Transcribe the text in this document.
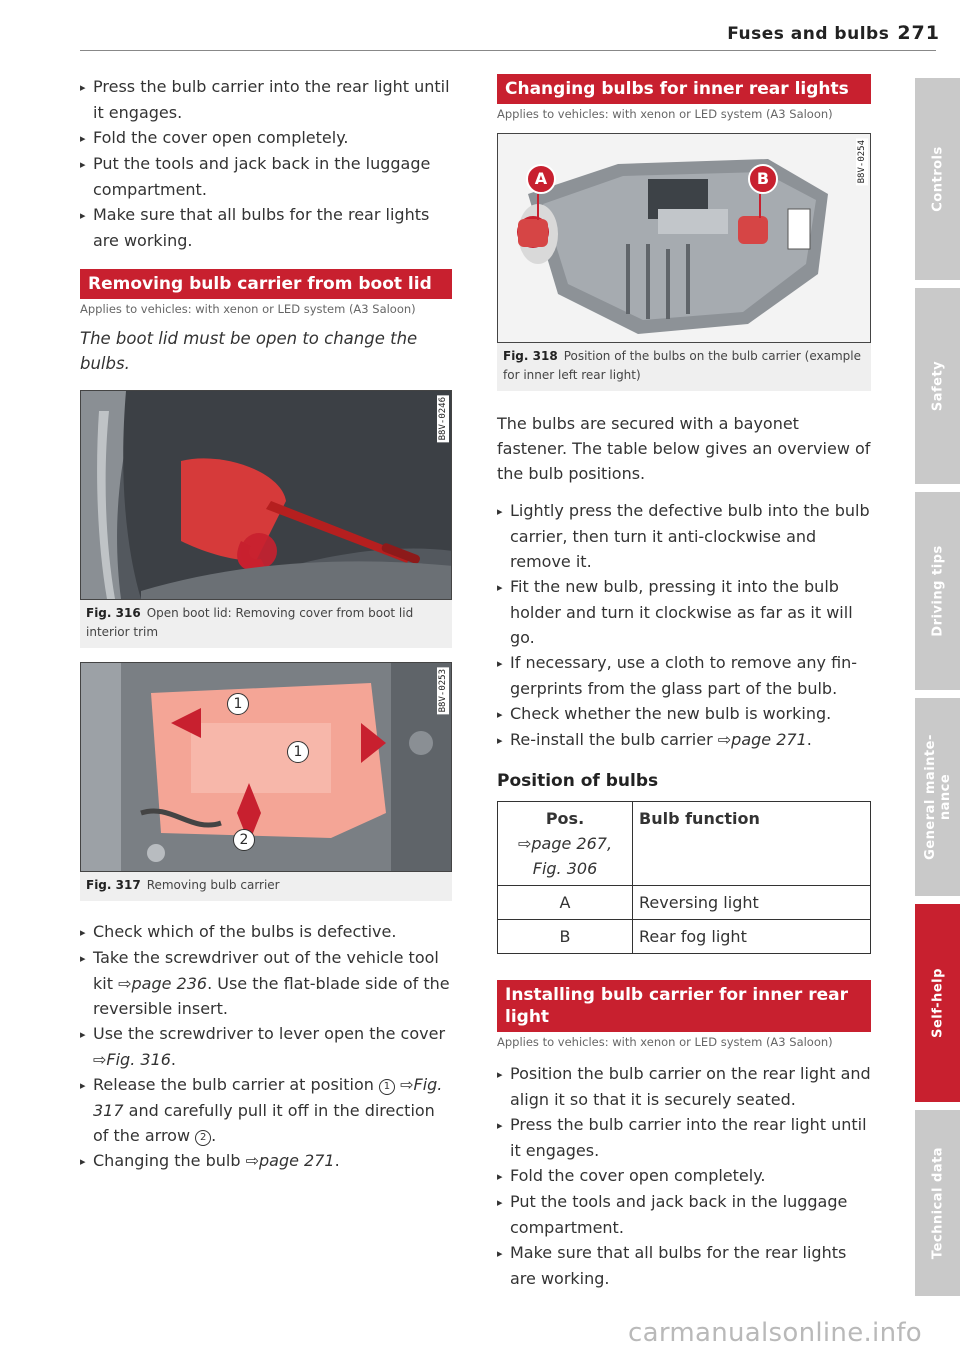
Fuses and bulbs 271

▸ Press the bulb carrier into the rear light until it engages.

▸ Fold the cover open completely.

▸ Put the tools and jack back in the luggage compartment.

▸ Make sure that all bulbs for the rear lights are working.

Removing bulb carrier from boot lid
Applies to vehicles: with xenon or LED system (A3 Saloon)

The boot lid must be open to change the bulbs.

B8V-0246
Fig. 316 Open boot lid: Removing cover from boot lid interior trim
1
1
2
B8V-0253
Fig. 317 Removing bulb carrier

▸ Check which of the bulbs is defective.

▸ Take the screwdriver out of the vehicle tool kit ⇨page 236. Use the flat-blade side of the reversible insert.

▸ Use the screwdriver to lever open the cover ⇨Fig. 316.

▸ Release the bulb carrier at position 1 ⇨Fig. 317 and carefully pull it off in the direction of the arrow 2 .

▸ Changing the bulb ⇨page 271.

Changing bulbs for inner rear lights
Applies to vehicles: with xenon or LED system (A3 Saloon)
A	B	B8V-0254
Fig. 318 Position of the bulbs on the bulb carrier (example for inner left rear light)

The bulbs are secured with a bayonet fastener. The table below gives an overview of the bulb positions.

▸ Lightly press the defective bulb into the bulb carrier, then turn it anti-clockwise and remove it.

▸ Fit the new bulb, pressing it into the bulb holder and turn it clockwise as far as it will go.

▸ If necessary, use a cloth to remove any fingerprints from the glass part of the bulb.

▸ Check whether the new bulb is working.

▸ Re-install the bulb carrier ⇨page 271.

Position of bulbs

Pos.
⇨page 267, Fig. 306	Bulb function
A	Reversing light
B	Rear fog light
Installing bulb carrier for inner rear light
Applies to vehicles: with xenon or LED system (A3 Saloon)

▸ Position the bulb carrier on the rear light and align it so that it is securely seated.

▸ Press the bulb carrier into the rear light until it engages.

▸ Fold the cover open completely.

▸ Put the tools and jack back in the luggage compartment.

▸ Make sure that all bulbs for the rear lights are working.

Controls
Safety
Driving tips
General mainte-
nance
Self-help
Technical data
carmanualsonline.info
